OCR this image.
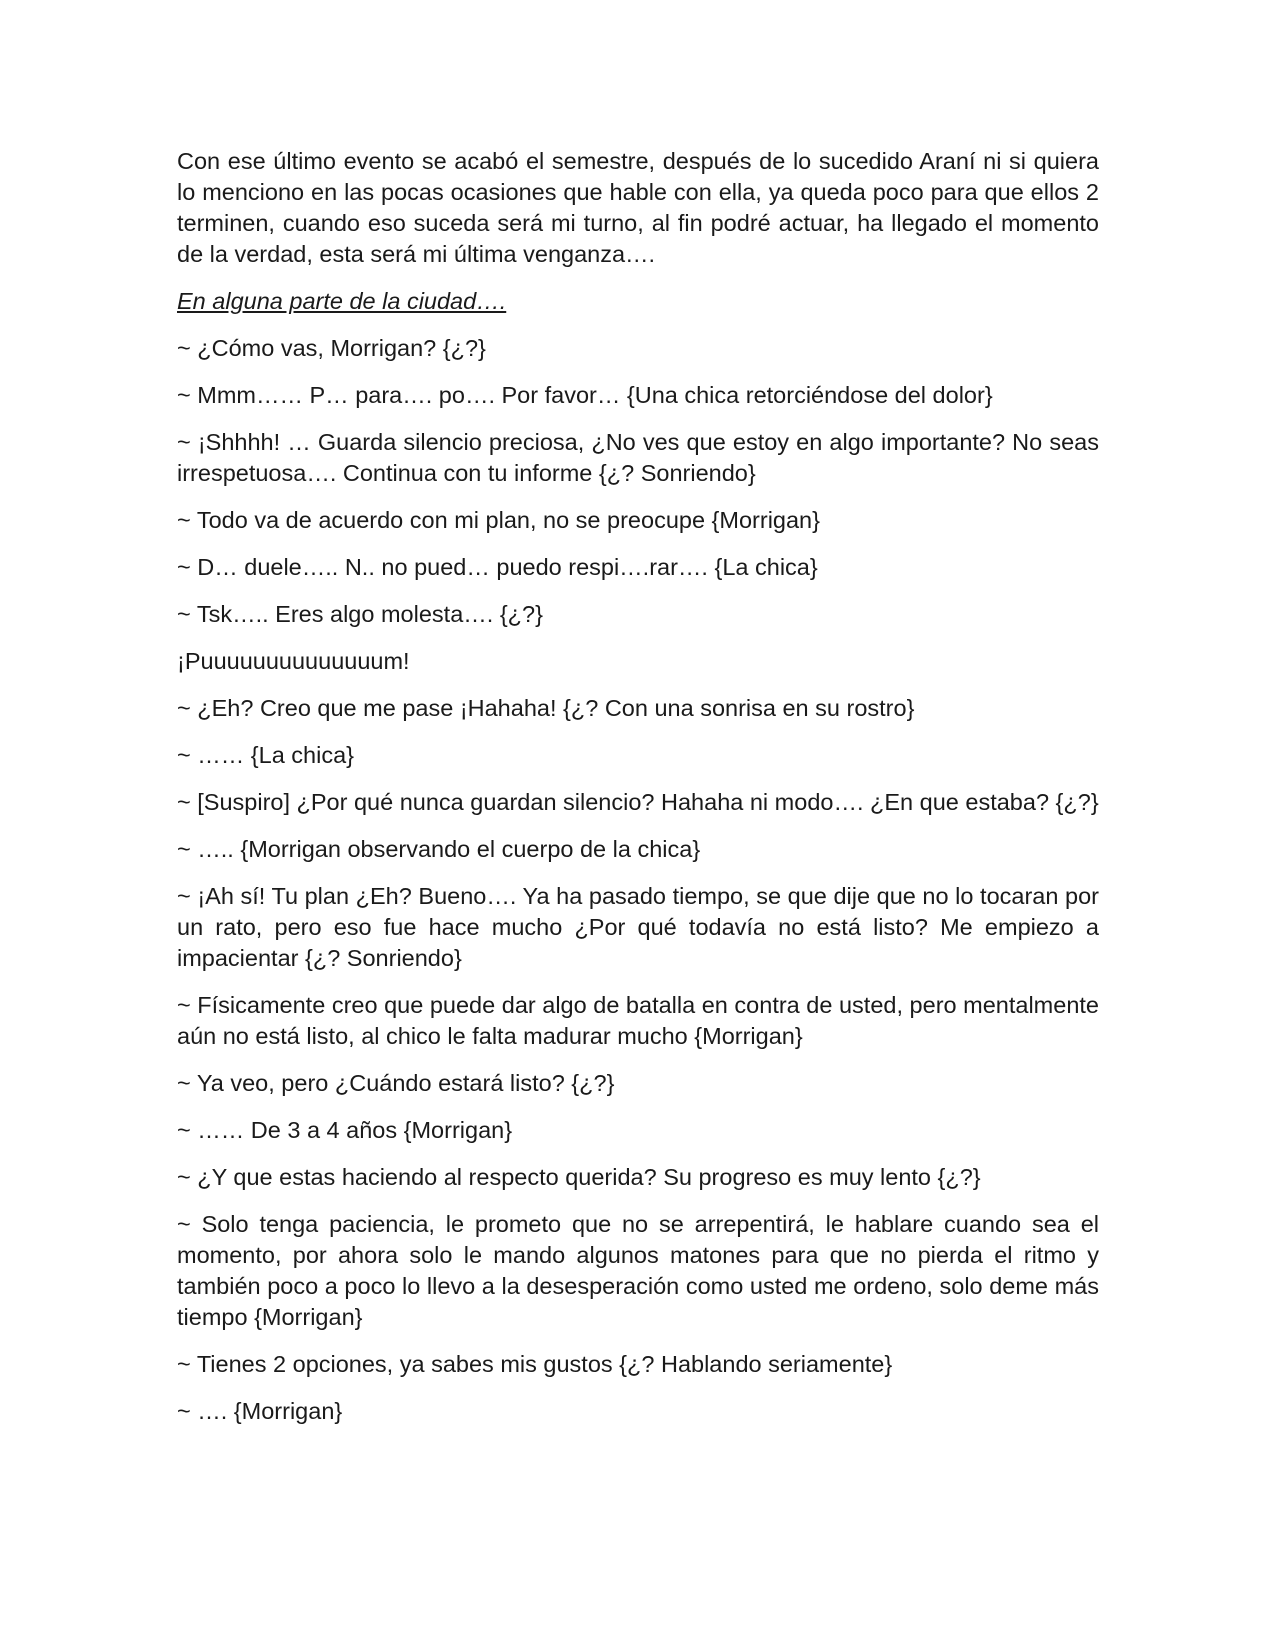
Con ese último evento se acabó el semestre, después de lo sucedido Araní ni si quiera lo menciono en las pocas ocasiones que hable con ella, ya queda poco para que ellos 2 terminen, cuando eso suceda será mi turno, al fin podré actuar, ha llegado el momento de la verdad, esta será mi última venganza….

En alguna parte de la ciudad….

~ ¿Cómo vas, Morrigan? {¿?}

~ Mmm…… P… para…. po…. Por favor… {Una chica retorciéndose del dolor}

~ ¡Shhhh! … Guarda silencio preciosa, ¿No ves que estoy en algo importante? No seas irrespetuosa…. Continua con tu informe {¿? Sonriendo}

~ Todo va de acuerdo con mi plan, no se preocupe {Morrigan}

~ D… duele….. N.. no pued… puedo respi….rar…. {La chica}

~ Tsk….. Eres algo molesta…. {¿?}

¡Puuuuuuuuuuuuuum!

~ ¿Eh? Creo que me pase ¡Hahaha! {¿? Con una sonrisa en su rostro}

~ …… {La chica}

~ [Suspiro] ¿Por qué nunca guardan silencio? Hahaha ni modo…. ¿En que estaba? {¿?}

~ ….. {Morrigan observando el cuerpo de la chica}

~ ¡Ah sí! Tu plan ¿Eh? Bueno…. Ya ha pasado tiempo, se que dije que no lo tocaran por un rato, pero eso fue hace mucho ¿Por qué todavía no está listo? Me empiezo a impacientar {¿? Sonriendo}

~ Físicamente creo que puede dar algo de batalla en contra de usted, pero mentalmente aún no está listo, al chico le falta madurar mucho {Morrigan}

~ Ya veo, pero ¿Cuándo estará listo? {¿?}

~ …… De 3 a 4 años {Morrigan}

~ ¿Y que estas haciendo al respecto querida? Su progreso es muy lento {¿?}

~ Solo tenga paciencia, le prometo que no se arrepentirá, le hablare cuando sea el momento, por ahora solo le mando algunos matones para que no pierda el ritmo y también poco a poco lo llevo a la desesperación como usted me ordeno, solo deme más tiempo {Morrigan}

~ Tienes 2 opciones, ya sabes mis gustos {¿? Hablando seriamente}

~ …. {Morrigan}
